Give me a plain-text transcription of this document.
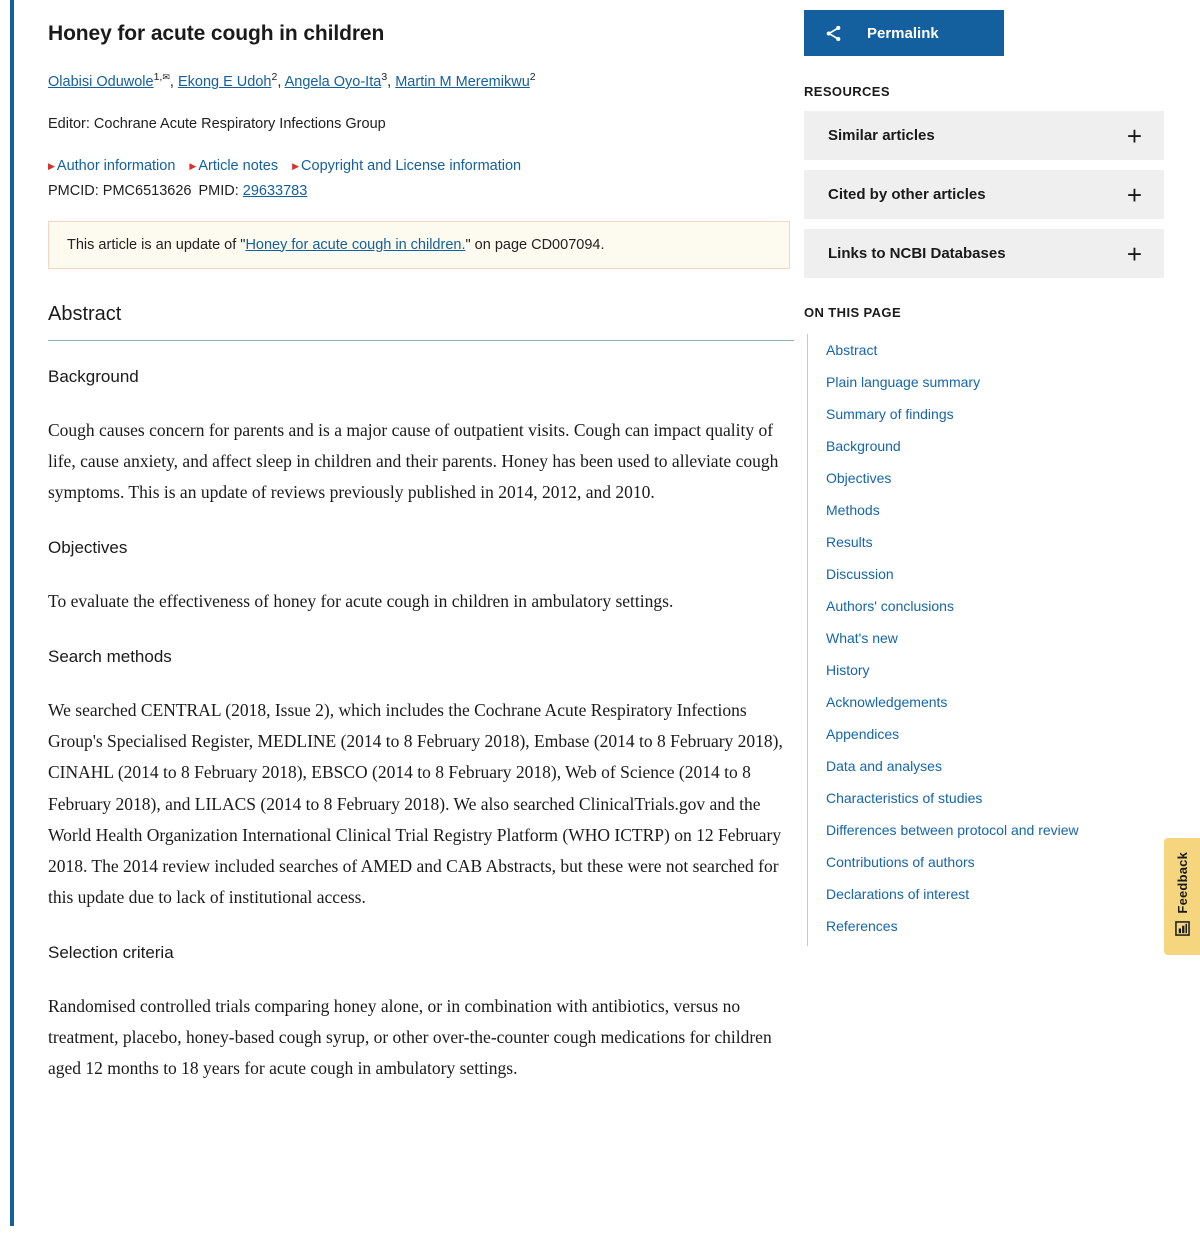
Honey for acute cough in children
Olabisi Oduwole$^{1,✉}$, Ekong E Udoh$^2$, Angela Oyo-Ita$^3$, Martin M Meremikwu$^2$
Editor: Cochrane Acute Respiratory Infections Group
▶ Author information ▶ Article notes ▶ Copyright and License information
PMCID: PMC6513626 PMID: 29633783
This article is an update of "Honey for acute cough in children." on page CD007094.
Abstract
Background

Cough causes concern for parents and is a major cause of outpatient visits. Cough can impact quality of life, cause anxiety, and affect sleep in children and their parents. Honey has been used to alleviate cough symptoms. This is an update of reviews previously published in 2014, 2012, and 2010.

Objectives

To evaluate the effectiveness of honey for acute cough in children in ambulatory settings.

Search methods

We searched CENTRAL (2018, Issue 2), which includes the Cochrane Acute Respiratory Infections Group's Specialised Register, MEDLINE (2014 to 8 February 2018), Embase (2014 to 8 February 2018), CINAHL (2014 to 8 February 2018), EBSCO (2014 to 8 February 2018), Web of Science (2014 to 8 February 2018), and LILACS (2014 to 8 February 2018). We also searched ClinicalTrials.gov and the World Health Organization International Clinical Trial Registry Platform (WHO ICTRP) on 12 February 2018. The 2014 review included searches of AMED and CAB Abstracts, but these were not searched for this update due to lack of institutional access.

Selection criteria

Randomised controlled trials comparing honey alone, or in combination with antibiotics, versus no treatment, placebo, honey-based cough syrup, or other over-the-counter cough medications for children aged 12 months to 18 years for acute cough in ambulatory settings.

Permalink
RESOURCES
Similar articles	+
Cited by other articles	+
Links to NCBI Databases	+
ON THIS PAGE
Abstract
Plain language summary
Summary of findings
Background
Objectives
Methods
Results
Discussion
Authors' conclusions
What's new
History
Acknowledgements
Appendices
Data and analyses
Characteristics of studies
Differences between protocol and review
Contributions of authors
Declarations of interest
References
Feedback
